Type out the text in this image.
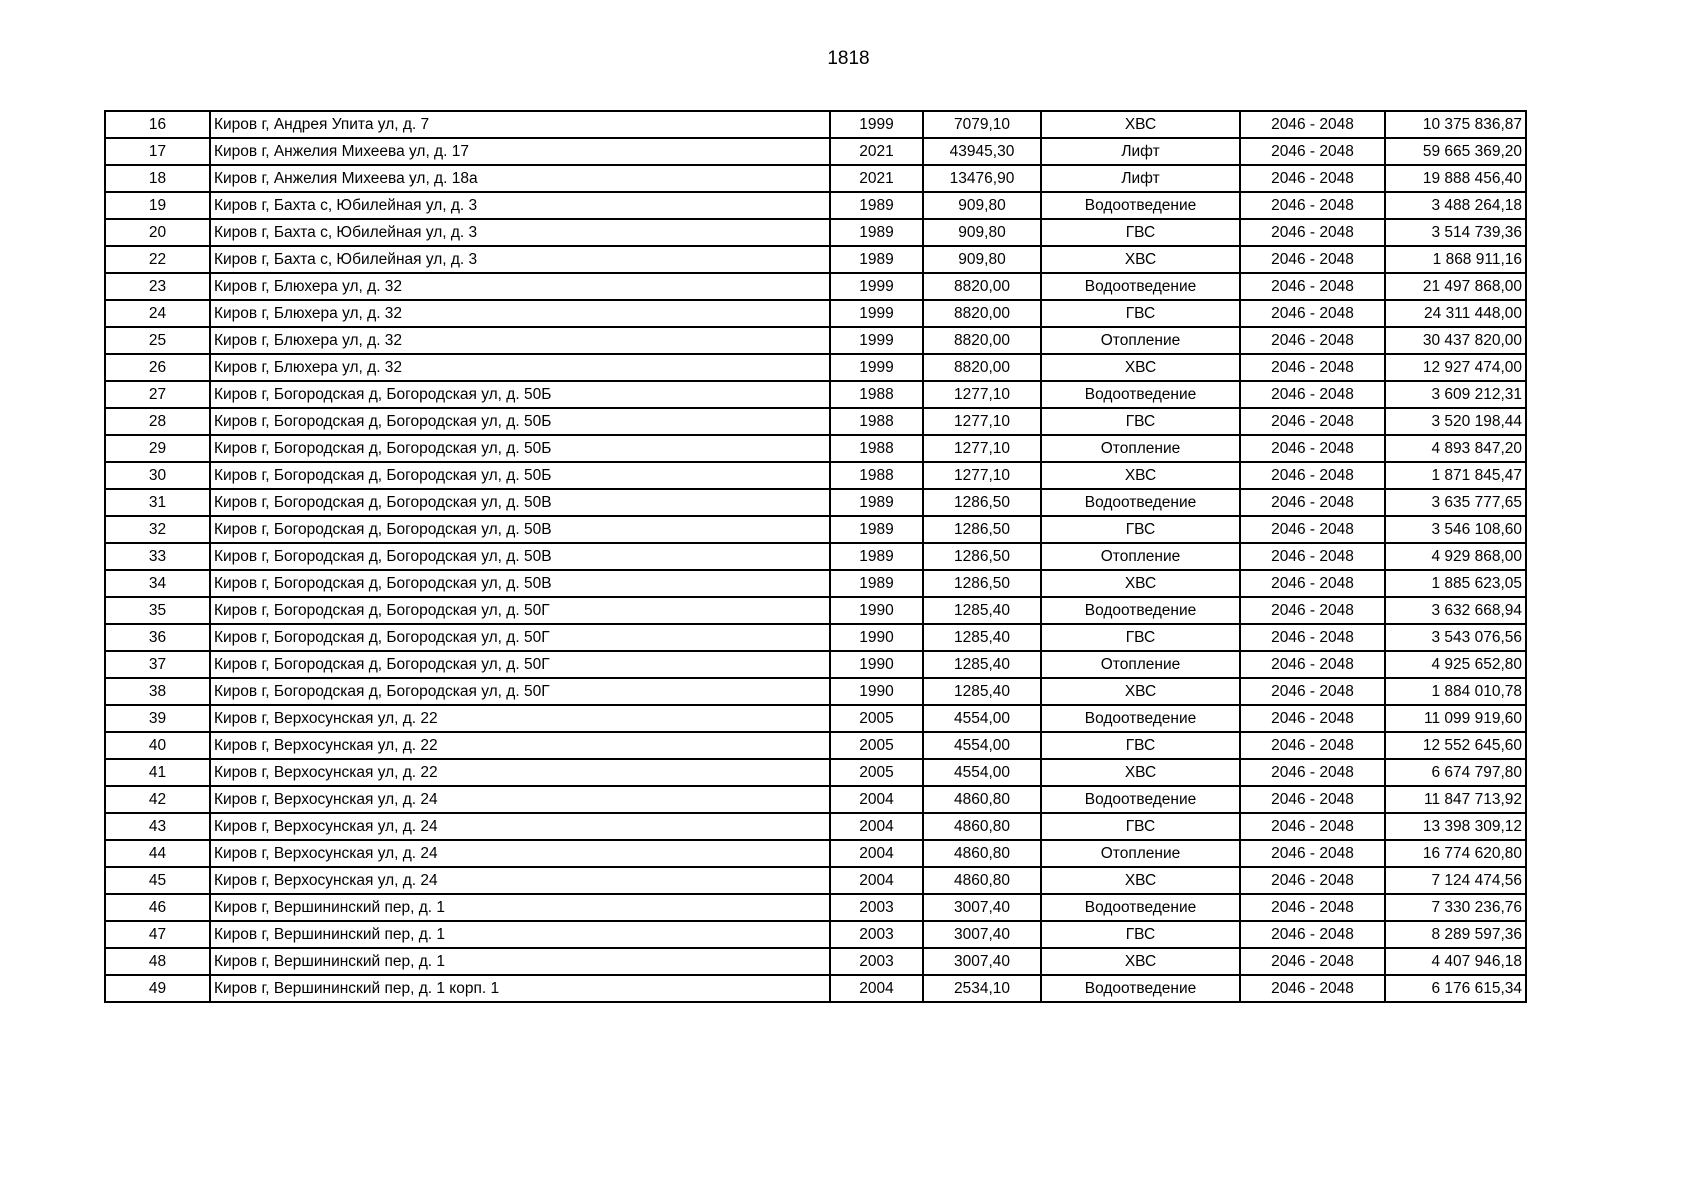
1818
16	Киров г, Андрея Упита ул, д. 7	1999	7079,10	ХВС	2046 - 2048	10 375 836,87
17	Киров г, Анжелия Михеева ул, д. 17	2021	43945,30	Лифт	2046 - 2048	59 665 369,20
18	Киров г, Анжелия Михеева ул, д. 18а	2021	13476,90	Лифт	2046 - 2048	19 888 456,40
19	Киров г, Бахта с, Юбилейная ул, д. 3	1989	909,80	Водоотведение	2046 - 2048	3 488 264,18
20	Киров г, Бахта с, Юбилейная ул, д. 3	1989	909,80	ГВС	2046 - 2048	3 514 739,36
22	Киров г, Бахта с, Юбилейная ул, д. 3	1989	909,80	ХВС	2046 - 2048	1 868 911,16
23	Киров г, Блюхера ул, д. 32	1999	8820,00	Водоотведение	2046 - 2048	21 497 868,00
24	Киров г, Блюхера ул, д. 32	1999	8820,00	ГВС	2046 - 2048	24 311 448,00
25	Киров г, Блюхера ул, д. 32	1999	8820,00	Отопление	2046 - 2048	30 437 820,00
26	Киров г, Блюхера ул, д. 32	1999	8820,00	ХВС	2046 - 2048	12 927 474,00
27	Киров г, Богородская д, Богородская ул, д. 50Б	1988	1277,10	Водоотведение	2046 - 2048	3 609 212,31
28	Киров г, Богородская д, Богородская ул, д. 50Б	1988	1277,10	ГВС	2046 - 2048	3 520 198,44
29	Киров г, Богородская д, Богородская ул, д. 50Б	1988	1277,10	Отопление	2046 - 2048	4 893 847,20
30	Киров г, Богородская д, Богородская ул, д. 50Б	1988	1277,10	ХВС	2046 - 2048	1 871 845,47
31	Киров г, Богородская д, Богородская ул, д. 50В	1989	1286,50	Водоотведение	2046 - 2048	3 635 777,65
32	Киров г, Богородская д, Богородская ул, д. 50В	1989	1286,50	ГВС	2046 - 2048	3 546 108,60
33	Киров г, Богородская д, Богородская ул, д. 50В	1989	1286,50	Отопление	2046 - 2048	4 929 868,00
34	Киров г, Богородская д, Богородская ул, д. 50В	1989	1286,50	ХВС	2046 - 2048	1 885 623,05
35	Киров г, Богородская д, Богородская ул, д. 50Г	1990	1285,40	Водоотведение	2046 - 2048	3 632 668,94
36	Киров г, Богородская д, Богородская ул, д. 50Г	1990	1285,40	ГВС	2046 - 2048	3 543 076,56
37	Киров г, Богородская д, Богородская ул, д. 50Г	1990	1285,40	Отопление	2046 - 2048	4 925 652,80
38	Киров г, Богородская д, Богородская ул, д. 50Г	1990	1285,40	ХВС	2046 - 2048	1 884 010,78
39	Киров г, Верхосунская ул, д. 22	2005	4554,00	Водоотведение	2046 - 2048	11 099 919,60
40	Киров г, Верхосунская ул, д. 22	2005	4554,00	ГВС	2046 - 2048	12 552 645,60
41	Киров г, Верхосунская ул, д. 22	2005	4554,00	ХВС	2046 - 2048	6 674 797,80
42	Киров г, Верхосунская ул, д. 24	2004	4860,80	Водоотведение	2046 - 2048	11 847 713,92
43	Киров г, Верхосунская ул, д. 24	2004	4860,80	ГВС	2046 - 2048	13 398 309,12
44	Киров г, Верхосунская ул, д. 24	2004	4860,80	Отопление	2046 - 2048	16 774 620,80
45	Киров г, Верхосунская ул, д. 24	2004	4860,80	ХВС	2046 - 2048	7 124 474,56
46	Киров г, Вершининский пер, д. 1	2003	3007,40	Водоотведение	2046 - 2048	7 330 236,76
47	Киров г, Вершининский пер, д. 1	2003	3007,40	ГВС	2046 - 2048	8 289 597,36
48	Киров г, Вершининский пер, д. 1	2003	3007,40	ХВС	2046 - 2048	4 407 946,18
49	Киров г, Вершининский пер, д. 1 корп. 1	2004	2534,10	Водоотведение	2046 - 2048	6 176 615,34
